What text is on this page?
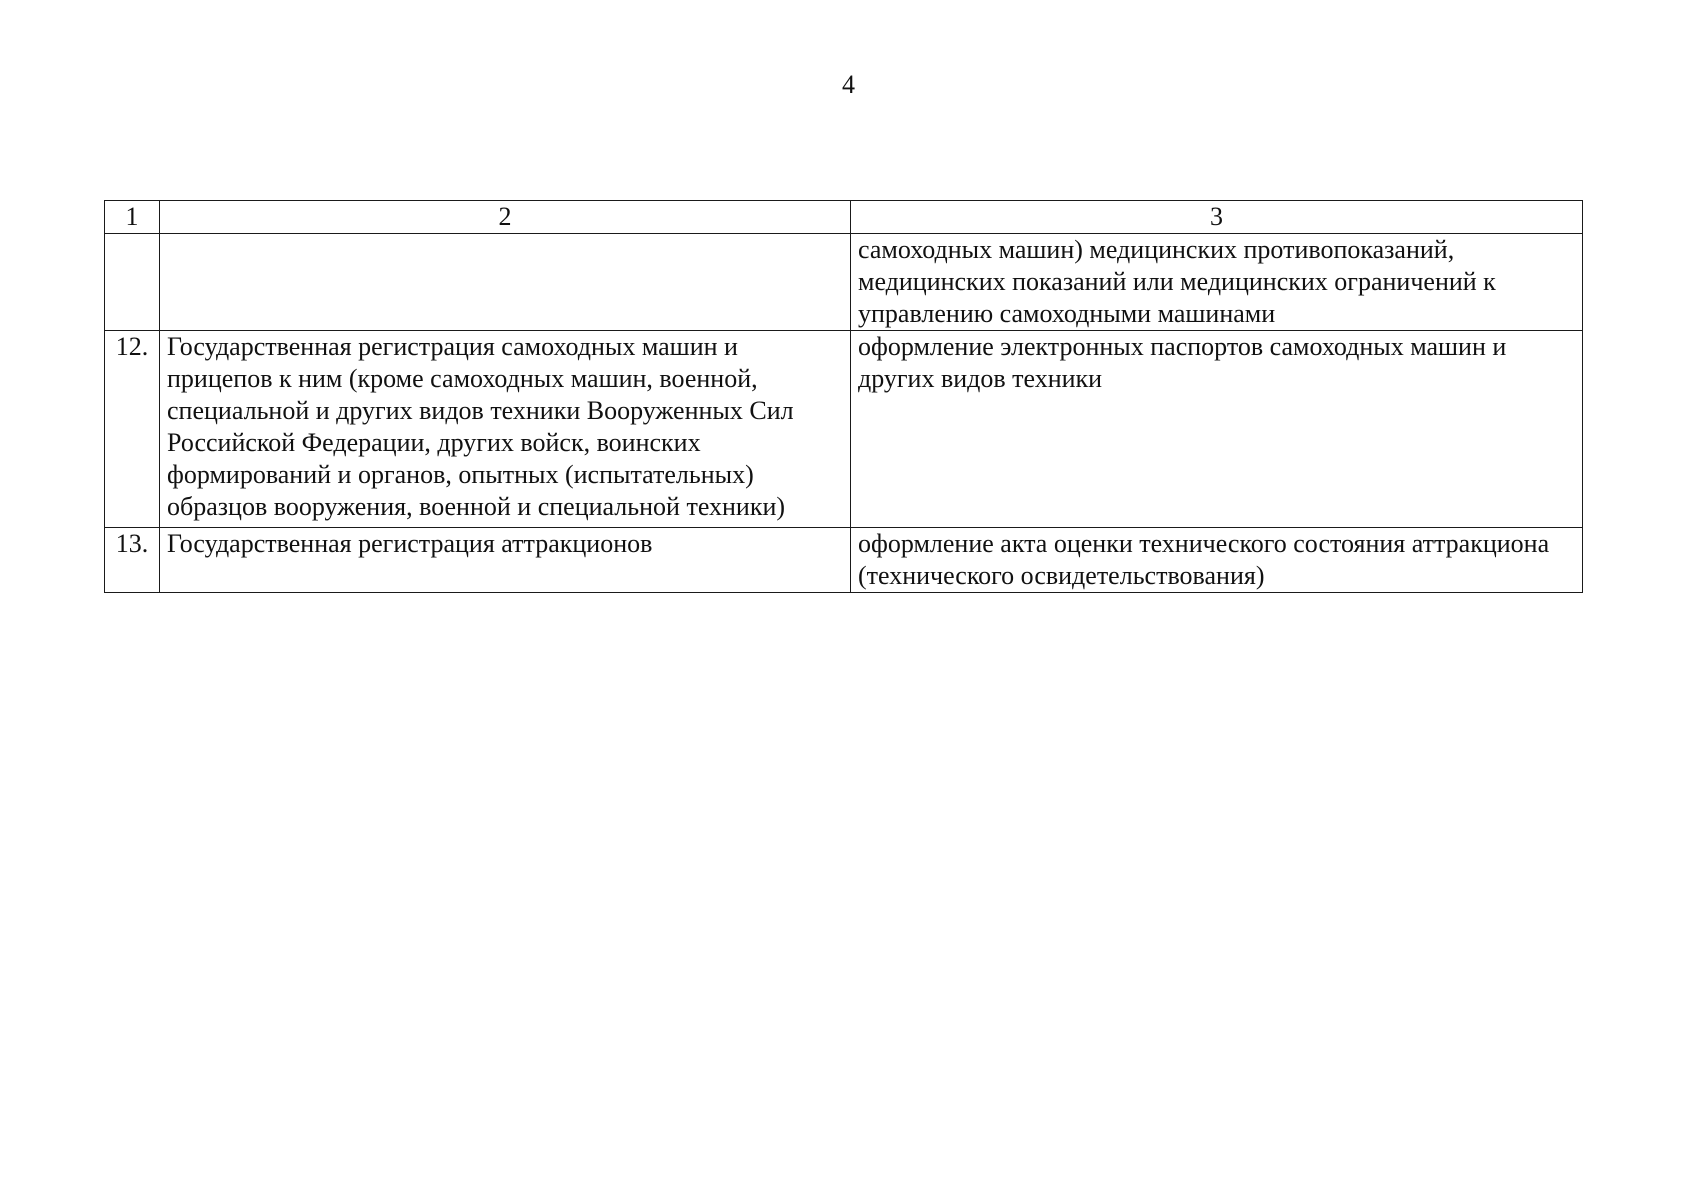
4
1	2	3
		самоходных машин) медицинских противопоказаний, медицинских показаний или медицинских ограничений к управлению самоходными машинами
12.	Государственная регистрация самоходных машин и прицепов к ним (кроме самоходных машин, военной, специальной и других видов техники Вооруженных Сил Российской Федерации, других войск, воинских формирований и органов, опытных (испытательных) образцов вооружения, военной и специальной техники)	оформление электронных паспортов самоходных машин и других видов техники
13.	Государственная регистрация аттракционов	оформление акта оценки технического состояния аттракциона (технического освидетельствования)
